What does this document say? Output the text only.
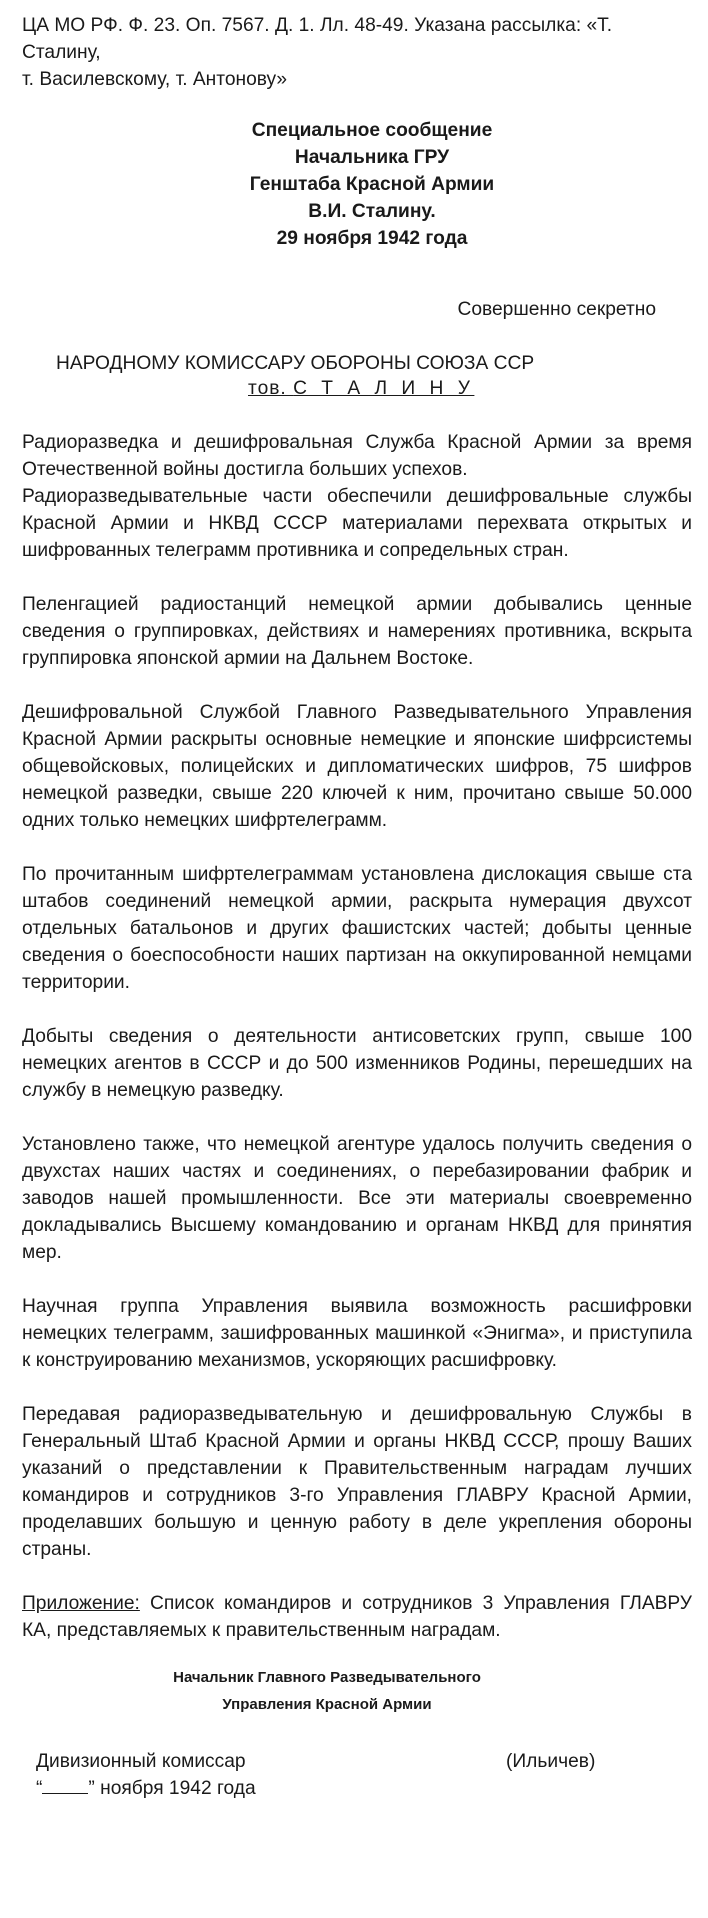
ЦА МО РФ. Ф. 23. Оп. 7567. Д. 1. Лл. 48-49. Указана рассылка: «Т. Сталину,
т. Василевскому, т. Антонову»
Специальное сообщение
Начальника ГРУ
Генштаба Красной Армии
В.И. Сталину.
29 ноября 1942 года
Совершенно секретно
НАРОДНОМУ КОМИССАРУ ОБОРОНЫ СОЮЗА ССР
тов. С Т А Л И Н У

Радиоразведка и дешифровальная Служба Красной Армии за время Отечественной войны достигла больших успехов.

Радиоразведывательные части обеспечили дешифровальные службы Красной Армии и НКВД СССР материалами перехвата открытых и шифрованных телеграмм противника и сопредельных стран.

Пеленгацией радиостанций немецкой армии добывались ценные сведения о группировках, действиях и намерениях противника, вскрыта группировка японской армии на Дальнем Востоке.

Дешифровальной Службой Главного Разведывательного Управления Красной Армии раскрыты основные немецкие и японские шифрсистемы общевойсковых, полицейских и дипломатических шифров, 75 шифров немецкой разведки, свыше 220 ключей к ним, прочитано свыше 50.000 одних только немецких шифртелеграмм.

По прочитанным шифртелеграммам установлена дислокация свыше ста штабов соединений немецкой армии, раскрыта нумерация двухсот отдельных батальонов и других фашистских частей; добыты ценные сведения о боеспособности наших партизан на оккупированной немцами территории.

Добыты сведения о деятельности антисоветских групп, свыше 100 немецких агентов в СССР и до 500 изменников Родины, перешедших на службу в немецкую разведку.

Установлено также, что немецкой агентуре удалось получить сведения о двухстах наших частях и соединениях, о перебазировании фабрик и заводов нашей промышленности. Все эти материалы своевременно докладывались Высшему командованию и органам НКВД для принятия мер.

Научная группа Управления выявила возможность расшифровки немецких телеграмм, зашифрованных машинкой «Энигма», и приступила к конструированию механизмов, ускоряющих расшифровку.

Передавая радиоразведывательную и дешифровальную Службы в Генеральный Штаб Красной Армии и органы НКВД СССР, прошу Ваших указаний о представлении к Правительственным наградам лучших командиров и сотрудников 3-го Управления ГЛАВРУ Красной Армии, проделавших большую и ценную работу в деле укрепления обороны страны.

Приложение: Список командиров и сотрудников 3 Управления ГЛАВРУ КА, представляемых к правительственным наградам.

Начальник Главного Разведывательного
Управления Красной Армии
Дивизионный комиссар	(Ильичев)
“ ” ноября 1942 года
